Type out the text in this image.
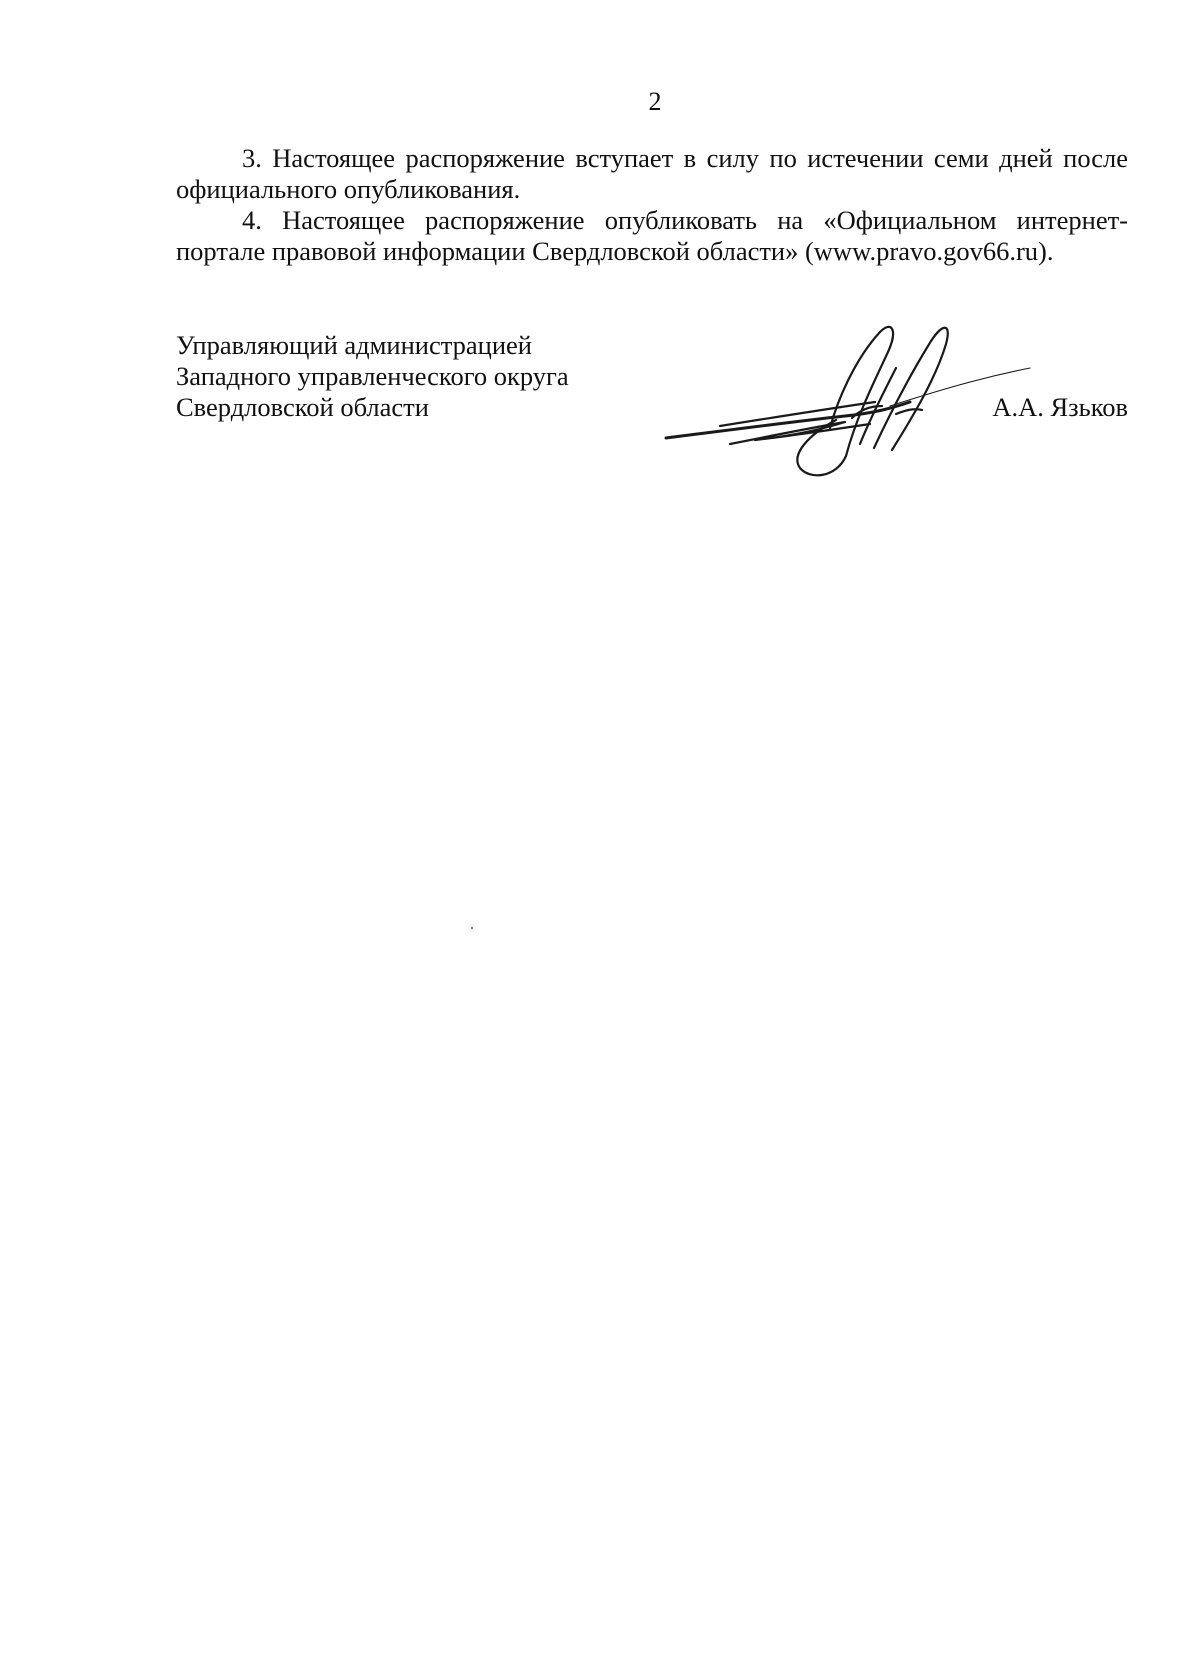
2

3. Настоящее распоряжение вступает в силу по истечении семи дней после официального опубликования.

4. Настоящее распоряжение опубликовать на «Официальном интернет-портале правовой информации Свердловской области» (www.pravo.gov66.ru).

Управляющий администрацией
Западного управленческого округа
Свердловской области	А.А. Язьков
